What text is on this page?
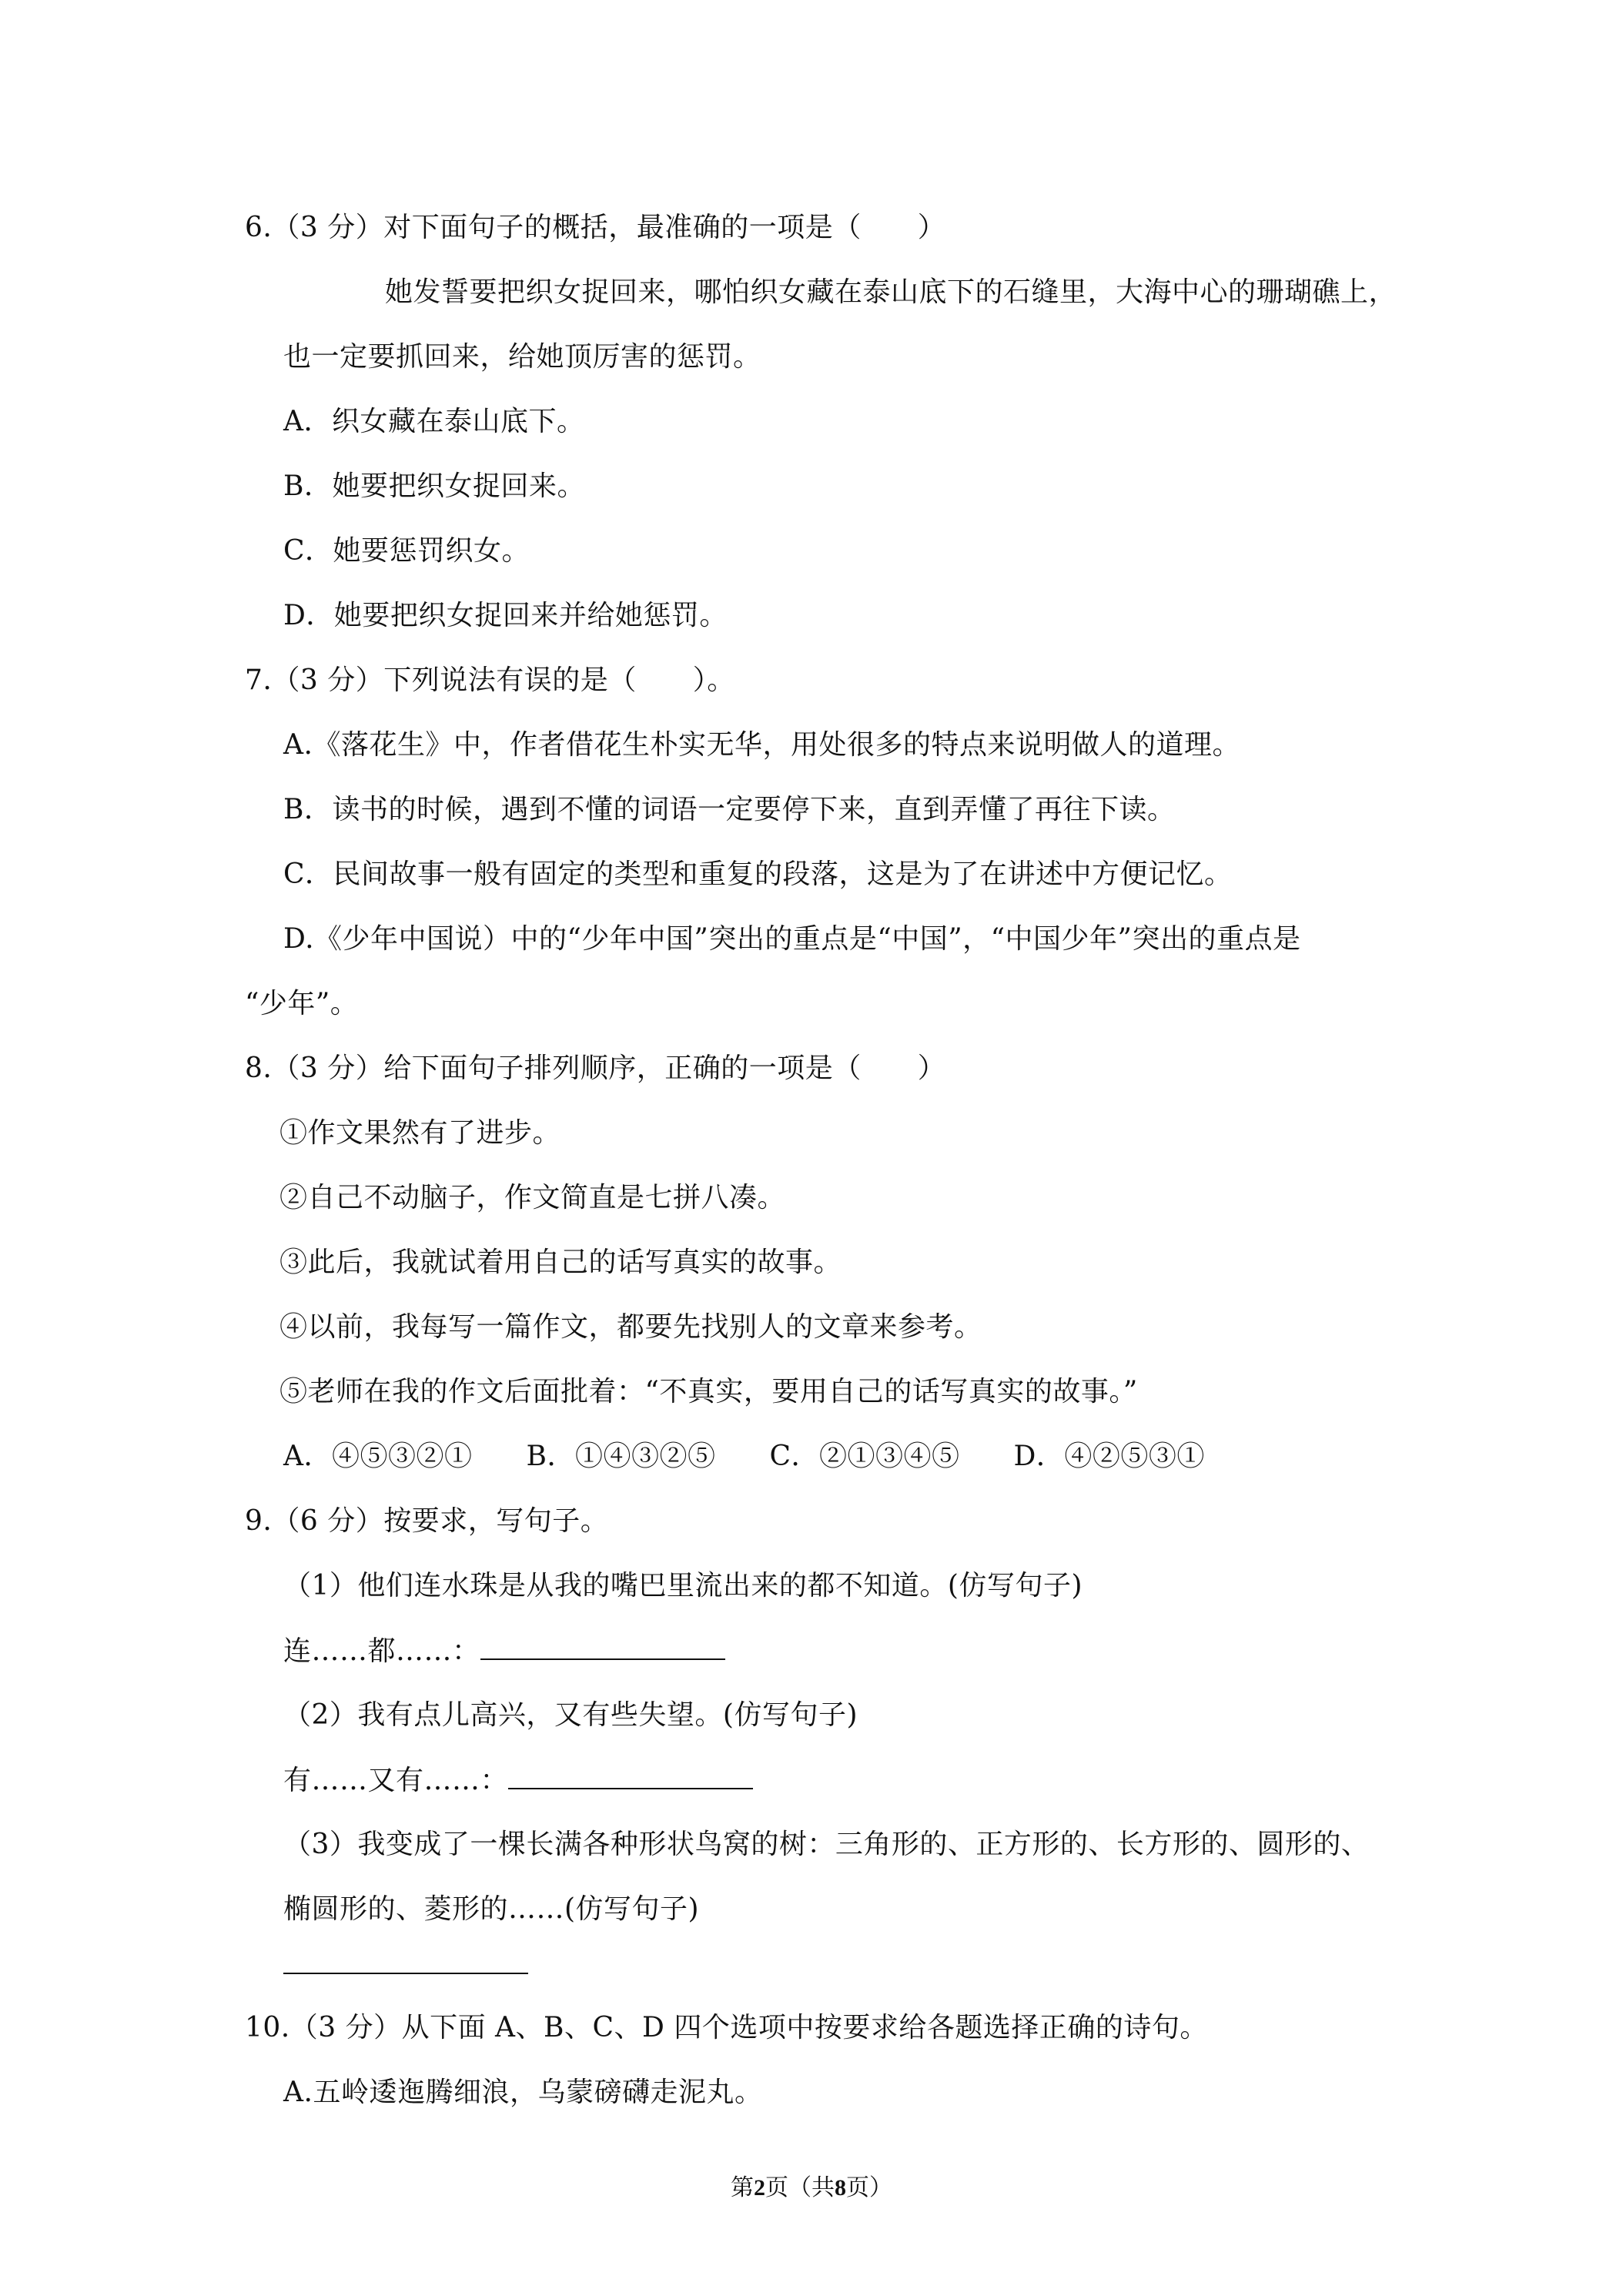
6.（3 分）对下面句子的概括，最准确的一项是（　　）
她发誓要把织女捉回来，哪怕织女藏在泰山底下的石缝里，大海中心的珊瑚礁上，
也一定要抓回来，给她顶厉害的惩罚。
A．织女藏在泰山底下。
B．她要把织女捉回来。
C．她要惩罚织女。
D．她要把织女捉回来并给她惩罚。
7.（3 分）下列说法有误的是（　　）。
A.《落花生》中，作者借花生朴实无华，用处很多的特点来说明做人的道理。
B．读书的时候，遇到不懂的词语一定要停下来，直到弄懂了再往下读。
C．民间故事一般有固定的类型和重复的段落，这是为了在讲述中方便记忆。
D.《少年中国说）中的“少年中国”突出的重点是“中国”，“中国少年”突出的重点是
“少年”。
8.（3 分）给下面句子排列顺序，正确的一项是（　　）
①作文果然有了进步。
②自己不动脑子，作文简直是七拼八凑。
③此后，我就试着用自己的话写真实的故事。
④以前，我每写一篇作文，都要先找别人的文章来参考。
⑤老师在我的作文后面批着：“不真实，要用自己的话写真实的故事。”
A．④⑤③②① B．①④③②⑤ C．②①③④⑤ D．④②⑤③①
9.（6 分）按要求，写句子。
（1）他们连水珠是从我的嘴巴里流出来的都不知道。(仿写句子)
连……都……：
（2）我有点儿高兴，又有些失望。(仿写句子)
有……又有……：
（3）我变成了一棵长满各种形状鸟窝的树：三角形的、正方形的、长方形的、圆形的、
椭圆形的、菱形的……(仿写句子)
10.（3 分）从下面 A、B、C、D 四个选项中按要求给各题选择正确的诗句。
A.五岭逶迤腾细浪，乌蒙磅礴走泥丸。
第2页（共8页）
